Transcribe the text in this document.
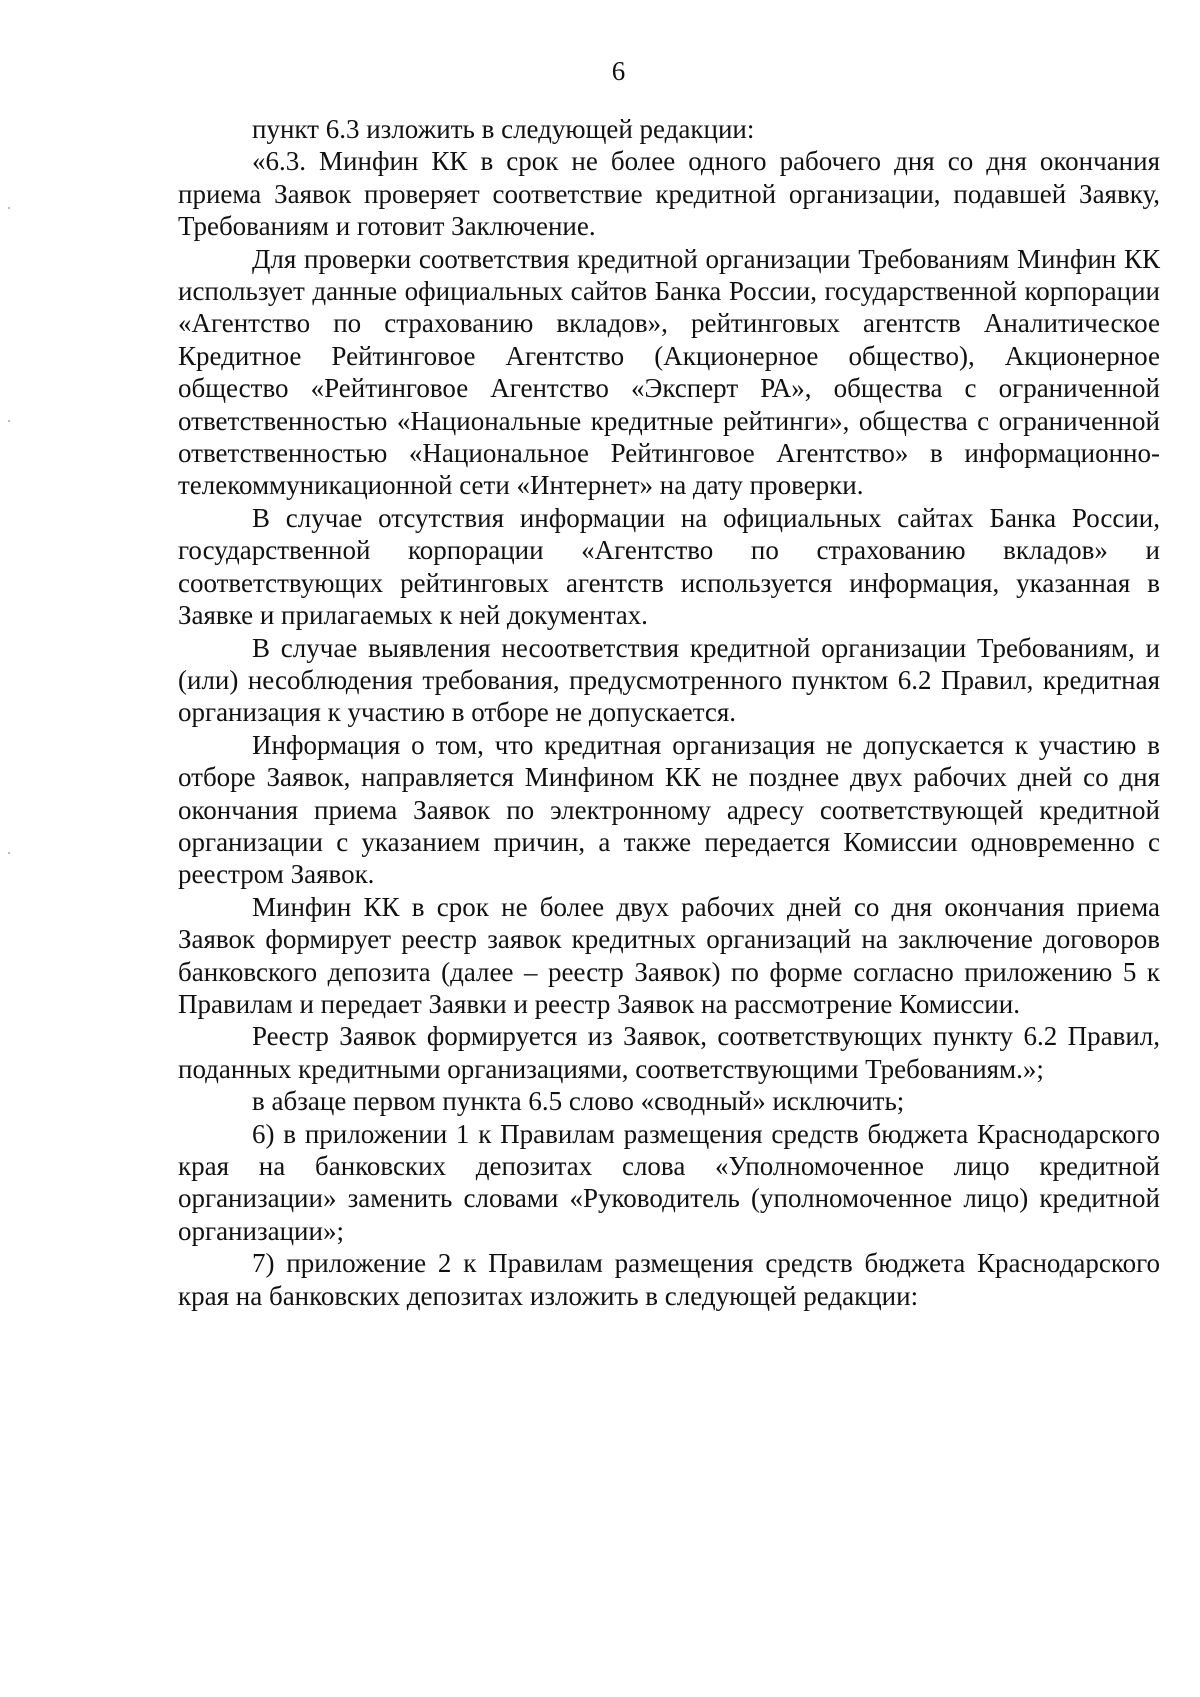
6

пункт 6.3 изложить в следующей редакции:

«6.3. Минфин КК в срок не более одного рабочего дня со дня окончания приема Заявок проверяет соответствие кредитной организации, подавшей Заявку, Требованиям и готовит Заключение.

Для проверки соответствия кредитной организации Требованиям Минфин КК использует данные официальных сайтов Банка России, государственной корпорации «Агентство по страхованию вкладов», рейтинговых агентств Аналитическое Кредитное Рейтинговое Агентство (Акционерное общество), Акционерное общество «Рейтинговое Агентство «Эксперт РА», общества с ограниченной ответственностью «Национальные кредитные рейтинги», общества с ограниченной ответственностью «Национальное Рейтинговое Агентство» в информационно-телекоммуникационной сети «Интернет» на дату проверки.

В случае отсутствия информации на официальных сайтах Банка России, государственной корпорации «Агентство по страхованию вкладов» и соответствующих рейтинговых агентств используется информация, указанная в Заявке и прилагаемых к ней документах.

В случае выявления несоответствия кредитной организации Требованиям, и (или) несоблюдения требования, предусмотренного пунктом 6.2 Правил, кредитная организация к участию в отборе не допускается.

Информация о том, что кредитная организация не допускается к участию в отборе Заявок, направляется Минфином КК не позднее двух рабочих дней со дня окончания приема Заявок по электронному адресу соответствующей кредитной организации с указанием причин, а также передается Комиссии одновременно с реестром Заявок.

Минфин КК в срок не более двух рабочих дней со дня окончания приема Заявок формирует реестр заявок кредитных организаций на заключение договоров банковского депозита (далее – реестр Заявок) по форме согласно приложению 5 к Правилам и передает Заявки и реестр Заявок на рассмотрение Комиссии.

Реестр Заявок формируется из Заявок, соответствующих пункту 6.2 Правил, поданных кредитными организациями, соответствующими Требованиям.»;

в абзаце первом пункта 6.5 слово «сводный» исключить;

6) в приложении 1 к Правилам размещения средств бюджета Краснодарского края на банковских депозитах слова «Уполномоченное лицо кредитной организации» заменить словами «Руководитель (уполномоченное лицо) кредитной организации»;

7) приложение 2 к Правилам размещения средств бюджета Краснодарского края на банковских депозитах изложить в следующей редакции:
